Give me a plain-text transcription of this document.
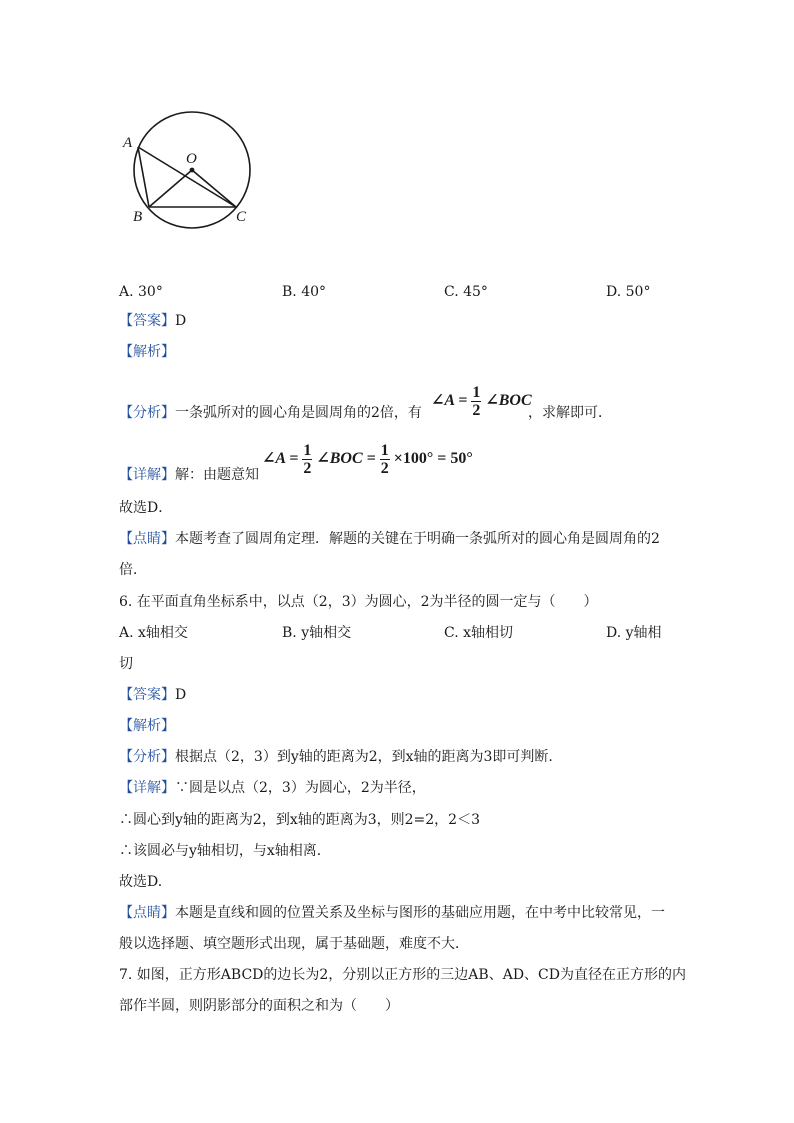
A
O
B	C
A. 30°	B. 40°	C. 45°	D. 50°
【答案】D
【解析】
【分析】一条弧所对的圆心角是圆周角的2倍，有
∠A = $\frac{1}{2}$ ∠BOC
，求解即可．
【详解】解：由题意知
∠A = $\frac{1}{2}$ ∠BOC = $\frac{1}{2} \times 100^\circ = 50^\circ$
故选D．
【点睛】本题考查了圆周角定理．解题的关键在于明确一条弧所对的圆心角是圆周角的2
倍．
6. 在平面直角坐标系中，以点（2，3）为圆心，2为半径的圆一定与（　　）
A. x轴相交	B. y轴相交	C. x轴相切	D. y轴相
切
【答案】D
【解析】
【分析】根据点（2，3）到y轴的距离为2，到x轴的距离为3即可判断.
【详解】∵圆是以点（2，3）为圆心，2为半径，
∴圆心到y轴的距离为2，到x轴的距离为3，则2=2，2＜3
∴该圆必与y轴相切，与x轴相离．
故选D.
【点睛】本题是直线和圆的位置关系及坐标与图形的基础应用题，在中考中比较常见，一
般以选择题、填空题形式出现，属于基础题，难度不大．
7. 如图，正方形ABCD的边长为2，分别以正方形的三边AB、AD、CD为直径在正方形的内
部作半圆，则阴影部分的面积之和为（　　）
